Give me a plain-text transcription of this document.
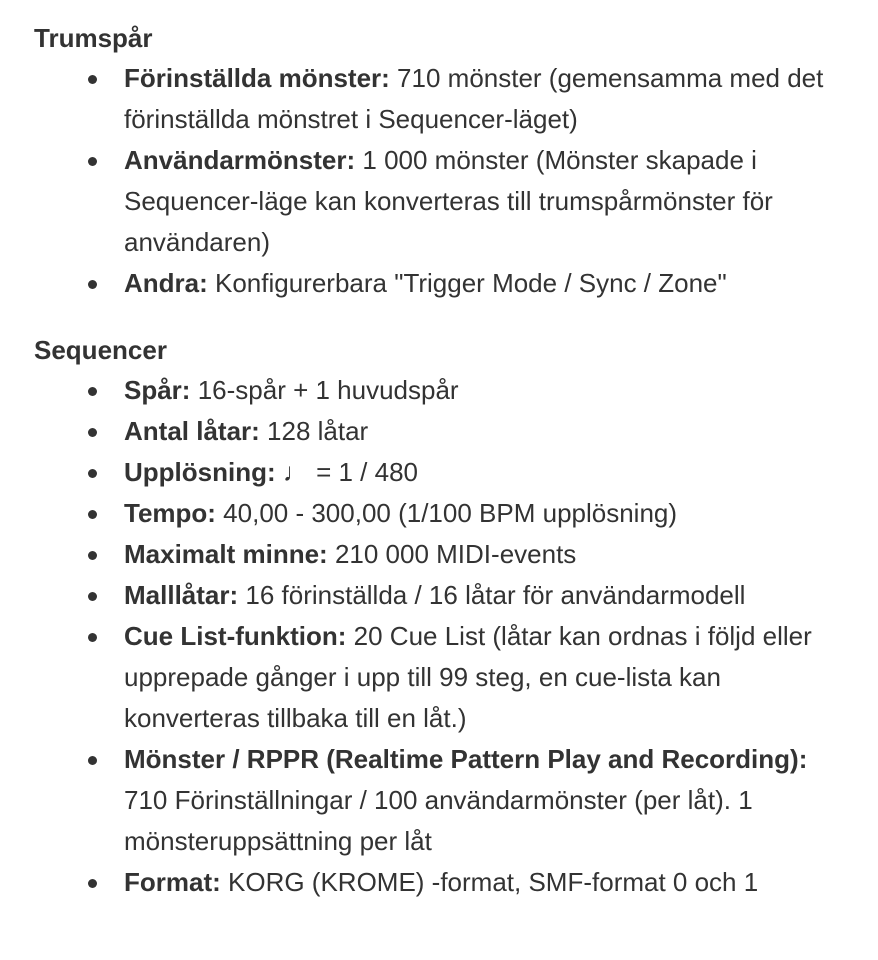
Trumspår
Förinställda mönster: 710 mönster (gemensamma med det förinställda mönstret i Sequencer-läget)
Användarmönster: 1 000 mönster (Mönster skapade i Sequencer-läge kan konverteras till trumspårmönster för användaren)
Andra: Konfigurerbara "Trigger Mode / Sync / Zone"
Sequencer
Spår: 16-spår + 1 huvudspår
Antal låtar: 128 låtar
Upplösning: ♩ = 1 / 480
Tempo: 40,00 - 300,00 (1/100 BPM upplösning)
Maximalt minne: 210 000 MIDI-events
Malllåtar: 16 förinställda / 16 låtar för användarmodell
Cue List-funktion: 20 Cue List (låtar kan ordnas i följd eller upprepade gånger i upp till 99 steg, en cue-lista kan konverteras tillbaka till en låt.)
Mönster / RPPR (Realtime Pattern Play and Recording): 710 Förinställningar / 100 användarmönster (per låt). 1 mönsteruppsättning per låt
Format: KORG (KROME) -format, SMF-format 0 och 1
